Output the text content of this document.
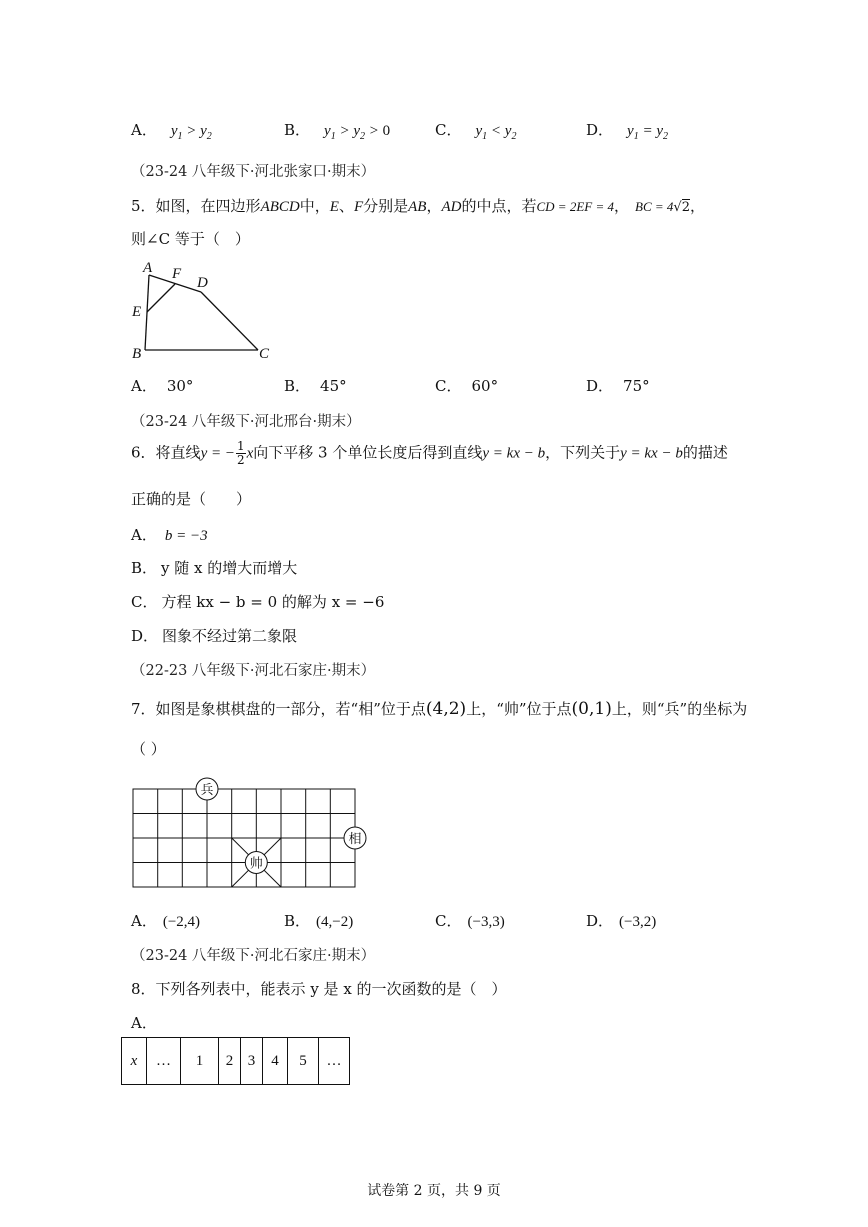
A． $y_1 > y_2$	B． $y_1 > y_2 > 0$	C． $y_1 < y_2$	D． $y_1 = y_2$
（23-24 八年级下·河北张家口·期末）
5．如图，在四边形ABCD中，E、F分别是AB，AD的中点，若CD = 2EF = 4， BC = 4√2，
则∠C 等于（　）
A F
D
E
B	C
A． 30°	B． 45°	C． 60°	D． 75°
（23-24 八年级下·河北邢台·期末）
6．将直线y = − $\frac{1}{2}$ x向下平移 3 个单位长度后得到直线y = kx − b，下列关于y = kx − b的描述
正确的是（　　）
A． b = −3
B． y 随 x 的增大而增大
C． 方程 kx − b = 0 的解为 x = −6
D． 图象不经过第二象限
（22-23 八年级下·河北石家庄·期末）
7．如图是象棋棋盘的一部分，若“相”位于点(4,2)上，“帅”位于点(0,1)上，则“兵”的坐标为
（ ）
兵
相
帅
A． (−2,4)	B． (4,−2)	C． (−3,3)	D． (−3,2)
（23-24 八年级下·河北石家庄·期末）
8．下列各列表中，能表示 y 是 x 的一次函数的是（　）
A．
x	…	1	2	3	4	5	…
试卷第 2 页，共 9 页
